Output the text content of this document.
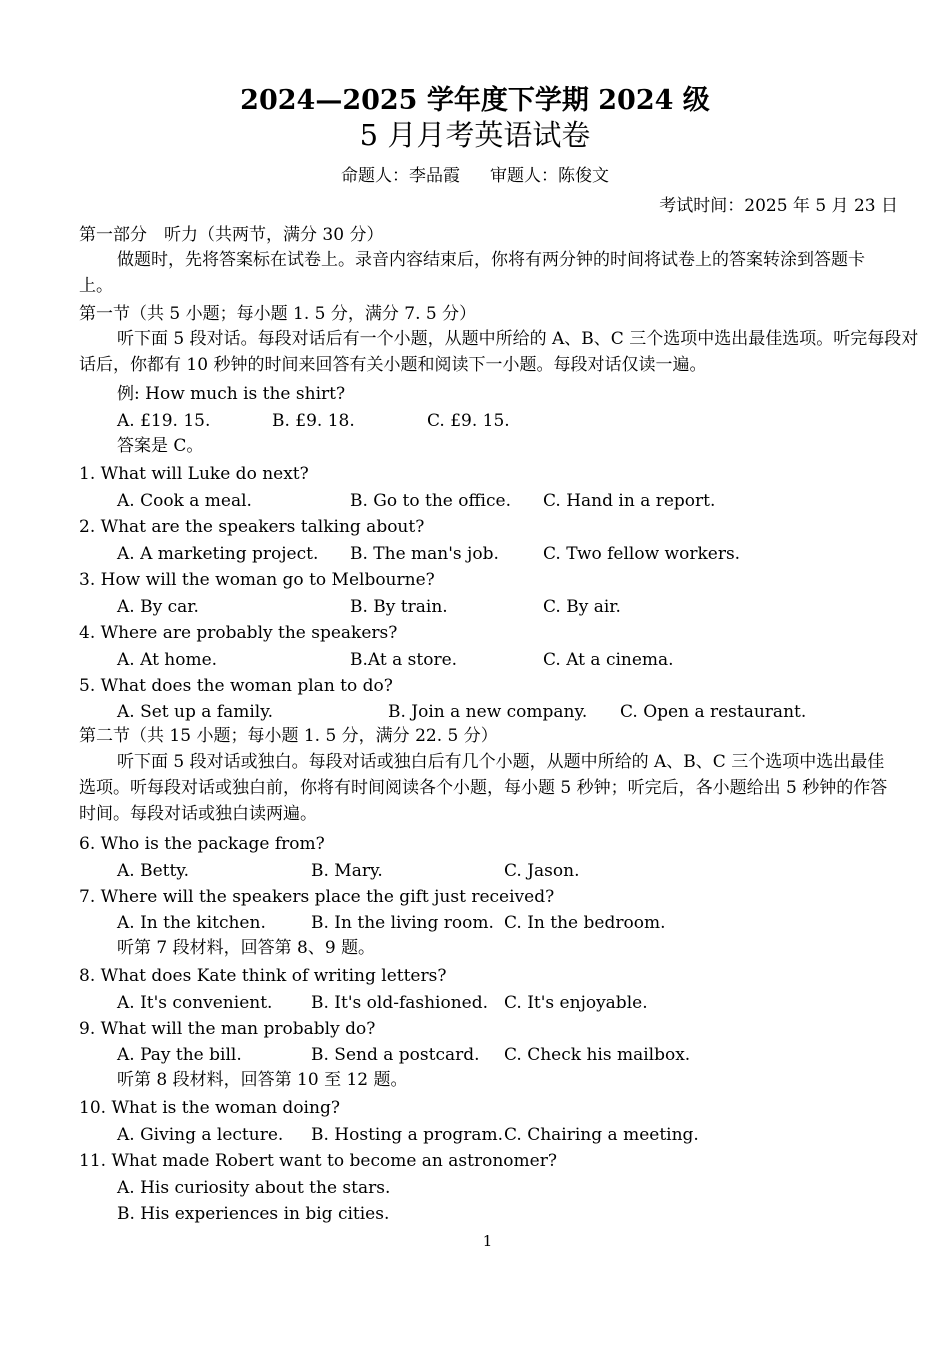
2024—2025 学年度下学期 2024 级
5 月月考英语试卷
命题人：李品霞 审题人：陈俊文
考试时间：2025 年 5 月 23 日
第一部分　听力（共两节，满分 30 分）
做题时，先将答案标在试卷上。录音内容结束后，你将有两分钟的时间将试卷上的答案转涂到答题卡上。
第一节（共 5 小题；每小题 1. 5 分，满分 7. 5 分）
听下面 5 段对话。每段对话后有一个小题，从题中所给的 A、B、C 三个选项中选出最佳选项。听完每段对话后，你都有 10 秒钟的时间来回答有关小题和阅读下一小题。每段对话仅读一遍。
例: How much is the shirt?
A. £19. 15.	B. £9. 18.	C. £9. 15.
答案是 C。
1. What will Luke do next?
A. Cook a meal.	B. Go to the office. C. Hand in a report.
2. What are the speakers talking about?
A. A marketing project. B. The man's job.	C. Two fellow workers.
3. How will the woman go to Melbourne?
A. By car.	B. By train.	C. By air.
4. Where are probably the speakers?
A. At home.	B.At a store.	C. At a cinema.
5. What does the woman plan to do?
A. Set up a family.	B. Join a new company. C. Open a restaurant.
第二节（共 15 小题；每小题 1. 5 分，满分 22. 5 分）
听下面 5 段对话或独白。每段对话或独白后有几个小题，从题中所给的 A、B、C 三个选项中选出最佳选项。听每段对话或独白前，你将有时间阅读各个小题，每小题 5 秒钟；听完后，各小题给出 5 秒钟的作答时间。每段对话或独白读两遍。
6. Who is the package from?
A. Betty.	B. Mary.	C. Jason.
7. Where will the speakers place the gift just received?
A. In the kitchen.	B. In the living room. C. In the bedroom.
听第 7 段材料，回答第 8、9 题。
8. What does Kate think of writing letters?
A. It's convenient. B. It's old-fashioned. C. It's enjoyable.
9. What will the man probably do?
A. Pay the bill.	B. Send a postcard. C. Check his mailbox.
听第 8 段材料，回答第 10 至 12 题。
10. What is the woman doing?
A. Giving a lecture. B. Hosting a program. C. Chairing a meeting.
11. What made Robert want to become an astronomer?
A. His curiosity about the stars.
B. His experiences in big cities.
1
